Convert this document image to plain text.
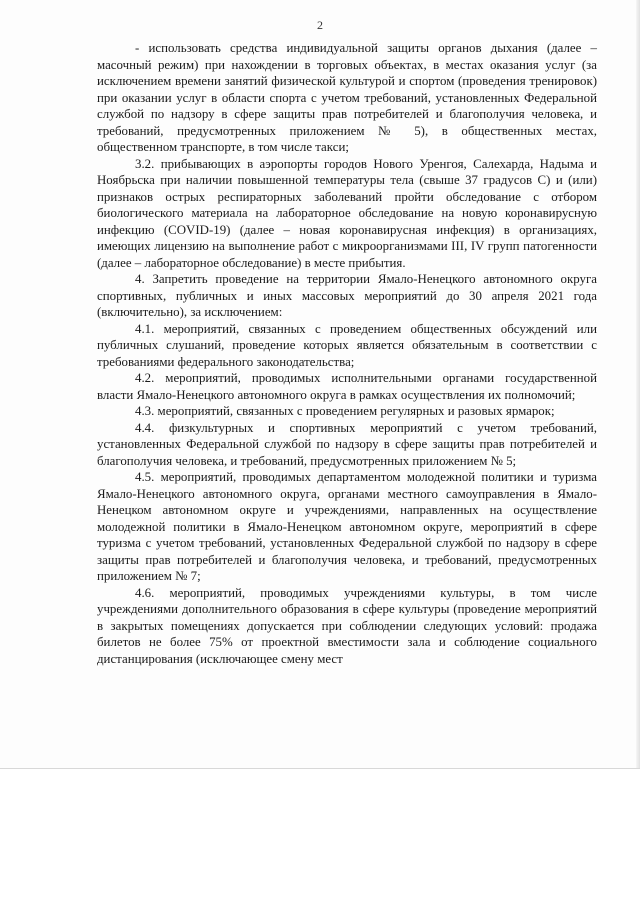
2

- использовать средства индивидуальной защиты органов дыхания (далее – масочный режим) при нахождении в торговых объектах, в местах оказания услуг (за исключением времени занятий физической культурой и спортом (проведения тренировок) при оказании услуг в области спорта с учетом требований, установленных Федеральной службой по надзору в сфере защиты прав потребителей и благополучия человека, и требований, предусмотренных приложением № 5), в общественных местах, общественном транспорте, в том числе такси;

3.2. прибывающих в аэропорты городов Нового Уренгоя, Салехарда, Надыма и Ноябрьска при наличии повышенной температуры тела (свыше 37 градусов С) и (или) признаков острых респираторных заболеваний пройти обследование с отбором биологического материала на лабораторное обследование на новую коронавирусную инфекцию (COVID-19) (далее – новая коронавирусная инфекция) в организациях, имеющих лицензию на выполнение работ с микроорганизмами III, IV групп патогенности (далее – лабораторное обследование) в месте прибытия.

4. Запретить проведение на территории Ямало-Ненецкого автономного округа спортивных, публичных и иных массовых мероприятий до 30 апреля 2021 года (включительно), за исключением:

4.1. мероприятий, связанных с проведением общественных обсуждений или публичных слушаний, проведение которых является обязательным в соответствии с требованиями федерального законодательства;

4.2. мероприятий, проводимых исполнительными органами государственной власти Ямало-Ненецкого автономного округа в рамках осуществления их полномочий;

4.3. мероприятий, связанных с проведением регулярных и разовых ярмарок;

4.4. физкультурных и спортивных мероприятий с учетом требований, установленных Федеральной службой по надзору в сфере защиты прав потребителей и благополучия человека, и требований, предусмотренных приложением № 5;

4.5. мероприятий, проводимых департаментом молодежной политики и туризма Ямало-Ненецкого автономного округа, органами местного самоуправления в Ямало-Ненецком автономном округе и учреждениями, направленных на осуществление молодежной политики в Ямало-Ненецком автономном округе, мероприятий в сфере туризма с учетом требований, установленных Федеральной службой по надзору в сфере защиты прав потребителей и благополучия человека, и требований, предусмотренных приложением № 7;

4.6. мероприятий, проводимых учреждениями культуры, в том числе учреждениями дополнительного образования в сфере культуры (проведение мероприятий в закрытых помещениях допускается при соблюдении следующих условий: продажа билетов не более 75% от проектной вместимости зала и соблюдение социального дистанцирования (исключающее смену мест
